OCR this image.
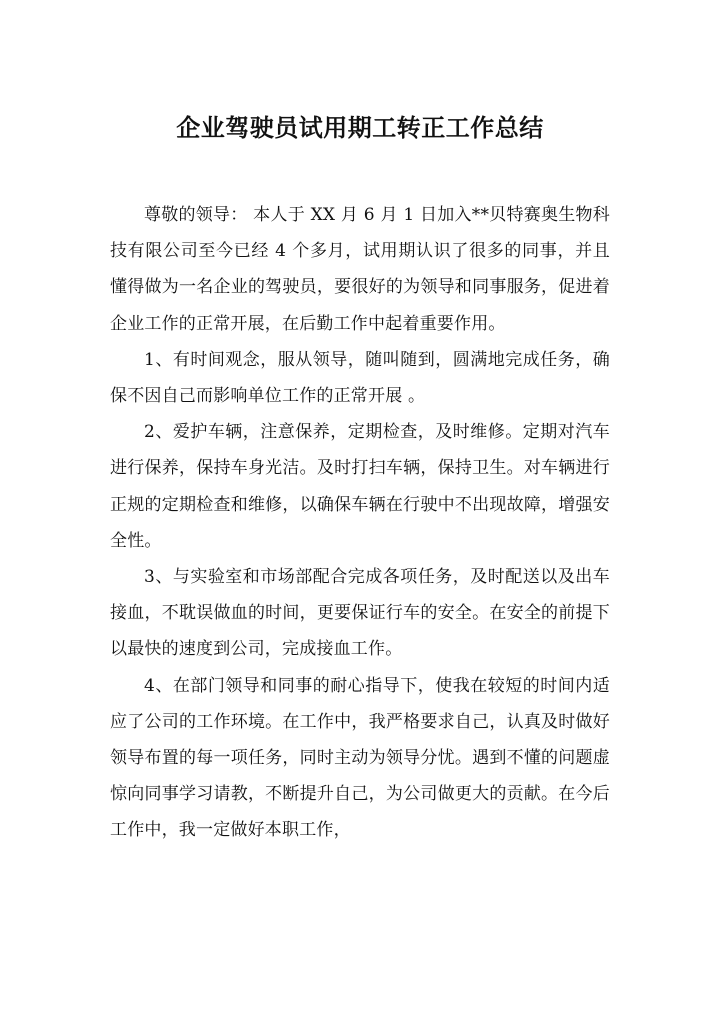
企业驾驶员试用期工转正工作总结

尊敬的领导： 本人于 XX 月 6 月 1 日加入**贝特赛奥生物科技有限公司至今已经 4 个多月，试用期认识了很多的同事，并且懂得做为一名企业的驾驶员，要很好的为领导和同事服务，促进着企业工作的正常开展，在后勤工作中起着重要作用。

1、有时间观念，服从领导，随叫随到，圆满地完成任务，确保不因自己而影响单位工作的正常开展 。

2、爱护车辆，注意保养，定期检查，及时维修。定期对汽车进行保养，保持车身光洁。及时打扫车辆，保持卫生。对车辆进行正规的定期检查和维修，以确保车辆在行驶中不出现故障，增强安全性。

3、与实验室和市场部配合完成各项任务，及时配送以及出车接血，不耽误做血的时间，更要保证行车的安全。在安全的前提下以最快的速度到公司，完成接血工作。

4、在部门领导和同事的耐心指导下，使我在较短的时间内适应了公司的工作环境。在工作中，我严格要求自己，认真及时做好领导布置的每一项任务，同时主动为领导分忧。遇到不懂的问题虚惊向同事学习请教，不断提升自己，为公司做更大的贡献。在今后工作中，我一定做好本职工作，
